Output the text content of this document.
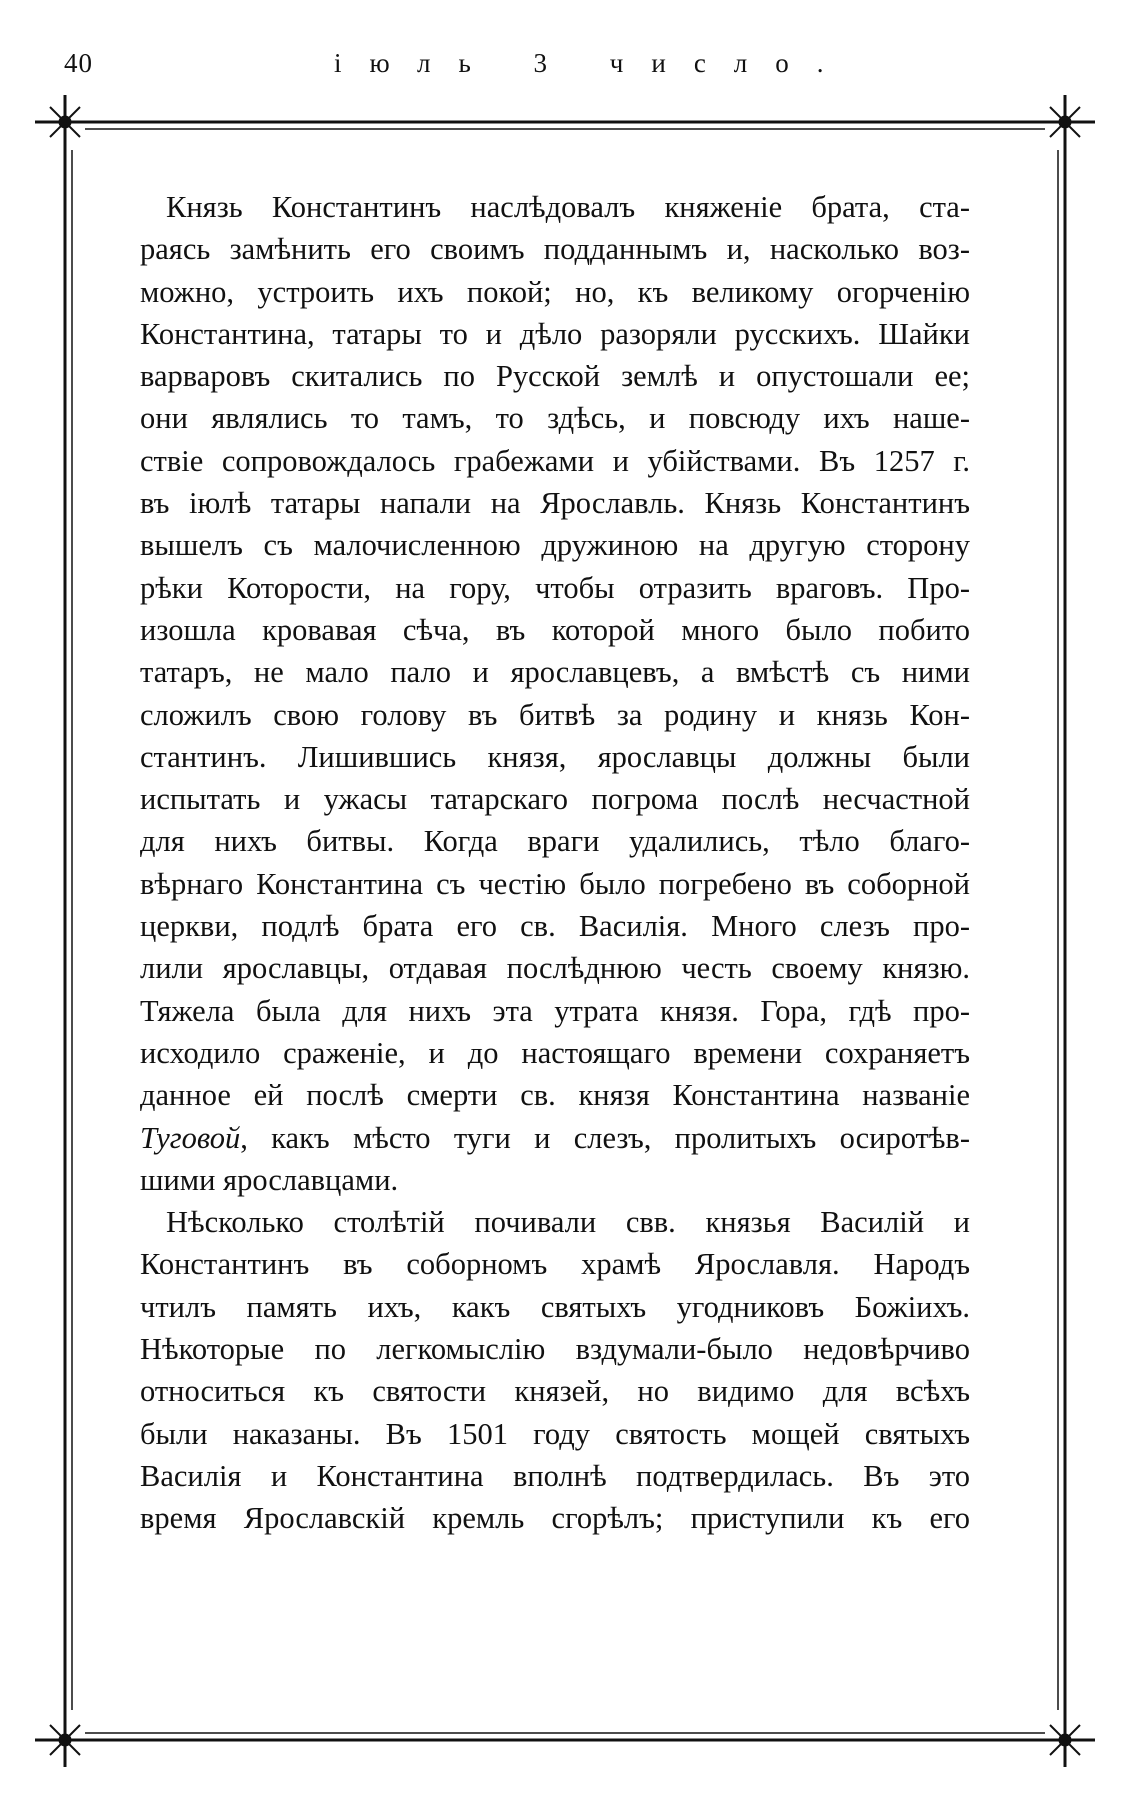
40	іюль 3 число.
Князь Константинъ наслѣдовалъ княженіе брата, ста-
раясь замѣнить его своимъ подданнымъ и, насколько воз-
можно, устроить ихъ покой; но, къ великому огорченію
Константина, татары то и дѣло разоряли русскихъ. Шайки
варваровъ скитались по Русской землѣ и опустошали ее;
они являлись то тамъ, то здѣсь, и повсюду ихъ наше-
ствіе сопровождалось грабежами и убійствами. Въ 1257 г.
въ іюлѣ татары напали на Ярославль. Князь Константинъ
вышелъ съ малочисленною дружиною на другую сторону
рѣки Которости, на гору, чтобы отразить враговъ. Про-
изошла кровавая сѣча, въ которой много было побито
татаръ, не мало пало и ярославцевъ, а вмѣстѣ съ ними
сложилъ свою голову въ битвѣ за родину и князь Кон-
стантинъ. Лишившись князя, ярославцы должны были
испытать и ужасы татарскаго погрома послѣ несчастной
для нихъ битвы. Когда враги удалились, тѣло благо-
вѣрнаго Константина съ честію было погребено въ соборной
церкви, подлѣ брата его св. Василія. Много слезъ про-
лили ярославцы, отдавая послѣднюю честь своему князю.
Тяжела была для нихъ эта утрата князя. Гора, гдѣ про-
исходило сраженіе, и до настоящаго времени сохраняетъ
данное ей послѣ смерти св. князя Константина названіе
Туговой, какъ мѣсто туги и слезъ, пролитыхъ осиротѣв-
шими ярославцами.
Нѣсколько столѣтій почивали свв. князья Василій и
Константинъ въ соборномъ храмѣ Ярославля. Народъ
чтилъ память ихъ, какъ святыхъ угодниковъ Божіихъ.
Нѣкоторые по легкомыслію вздумали-было недовѣрчиво
относиться къ святости князей, но видимо для всѣхъ
были наказаны. Въ 1501 году святость мощей святыхъ
Василія и Константина вполнѣ подтвердилась. Въ это
время Ярославскій кремль сгорѣлъ; приступили къ его
